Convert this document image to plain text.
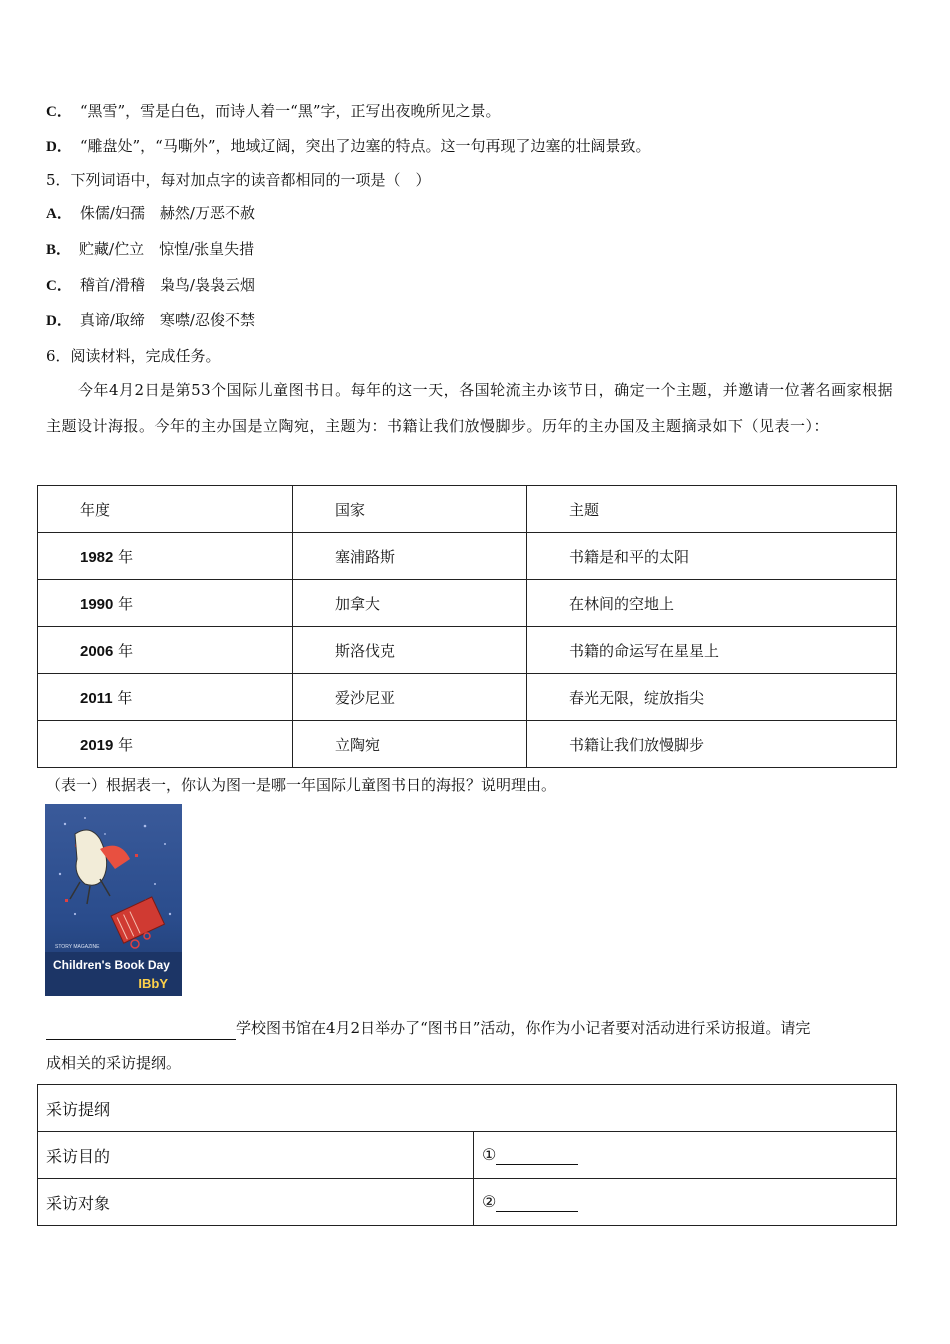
C． “黑雪”，雪是白色，而诗人着一“黑”字，正写出夜晚所见之景。
D． “雕盘处”，“马嘶外”，地域辽阔，突出了边塞的特点。这一句再现了边塞的壮阔景致。
5．下列词语中，每对加点字的读音都相同的一项是（　）
A． 侏儒/妇孺　赫然/万恶不赦
B． 贮藏/伫立　惊惶/张皇失措
C． 稽首/滑稽　枭鸟/袅袅云烟
D． 真谛/取缔　寒噤/忍俊不禁
6．阅读材料，完成任务。
今年4月2日是第53个国际儿童图书日。每年的这一天，各国轮流主办该节日，确定一个主题，并邀请一位著名画家根据主题设计海报。今年的主办国是立陶宛，主题为：书籍让我们放慢脚步。历年的主办国及主题摘录如下（见表一）：
年度	国家	主题
1982 年	塞浦路斯	书籍是和平的太阳
1990 年	加拿大	在林间的空地上
2006 年	斯洛伐克	书籍的命运写在星星上
2011 年	爱沙尼亚	春光无限，绽放指尖
2019 年	立陶宛	书籍让我们放慢脚步
（表一）根据表一，你认为图一是哪一年国际儿童图书日的海报？说明理由。
STORY MAGAZINE
Children's Book Day
IBbY
学校图书馆在4月2日举办了“图书日”活动，你作为小记者要对活动进行采访报道。请完
成相关的采访提纲。
采访提纲	
采访目的	①
采访对象	②
